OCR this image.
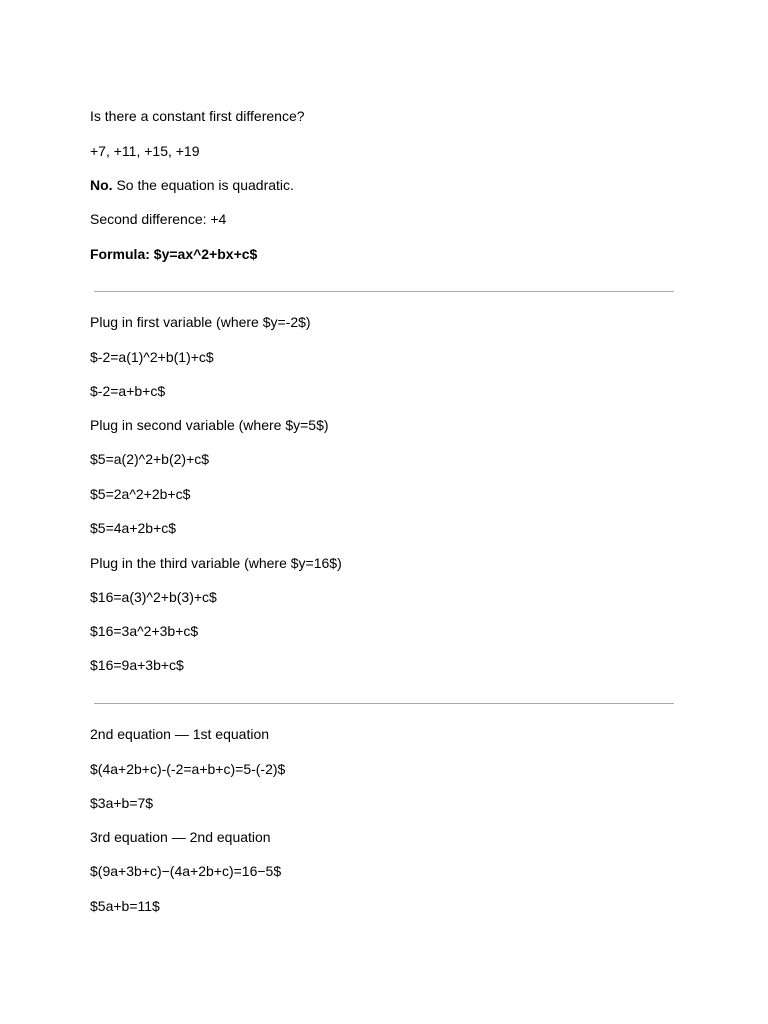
Is there a constant first difference?

+7, +11, +15, +19

No. So the equation is quadratic.

Second difference: +4

Formula: $y=ax^2+bx+c$

Plug in first variable (where $y=-2$)

$-2=a(1)^2+b(1)+c$

$-2=a+b+c$

Plug in second variable (where $y=5$)

$5=a(2)^2+b(2)+c$

$5=2a^2+2b+c$

$5=4a+2b+c$

Plug in the third variable (where $y=16$)

$16=a(3)^2+b(3)+c$

$16=3a^2+3b+c$

$16=9a+3b+c$

2nd equation — 1st equation

$(4a+2b+c)-(-2=a+b+c)=5-(-2)$

$3a+b=7$

3rd equation — 2nd equation

$(9a+3b+c)−(4a+2b+c)=16−5$

$5a+b=11$
